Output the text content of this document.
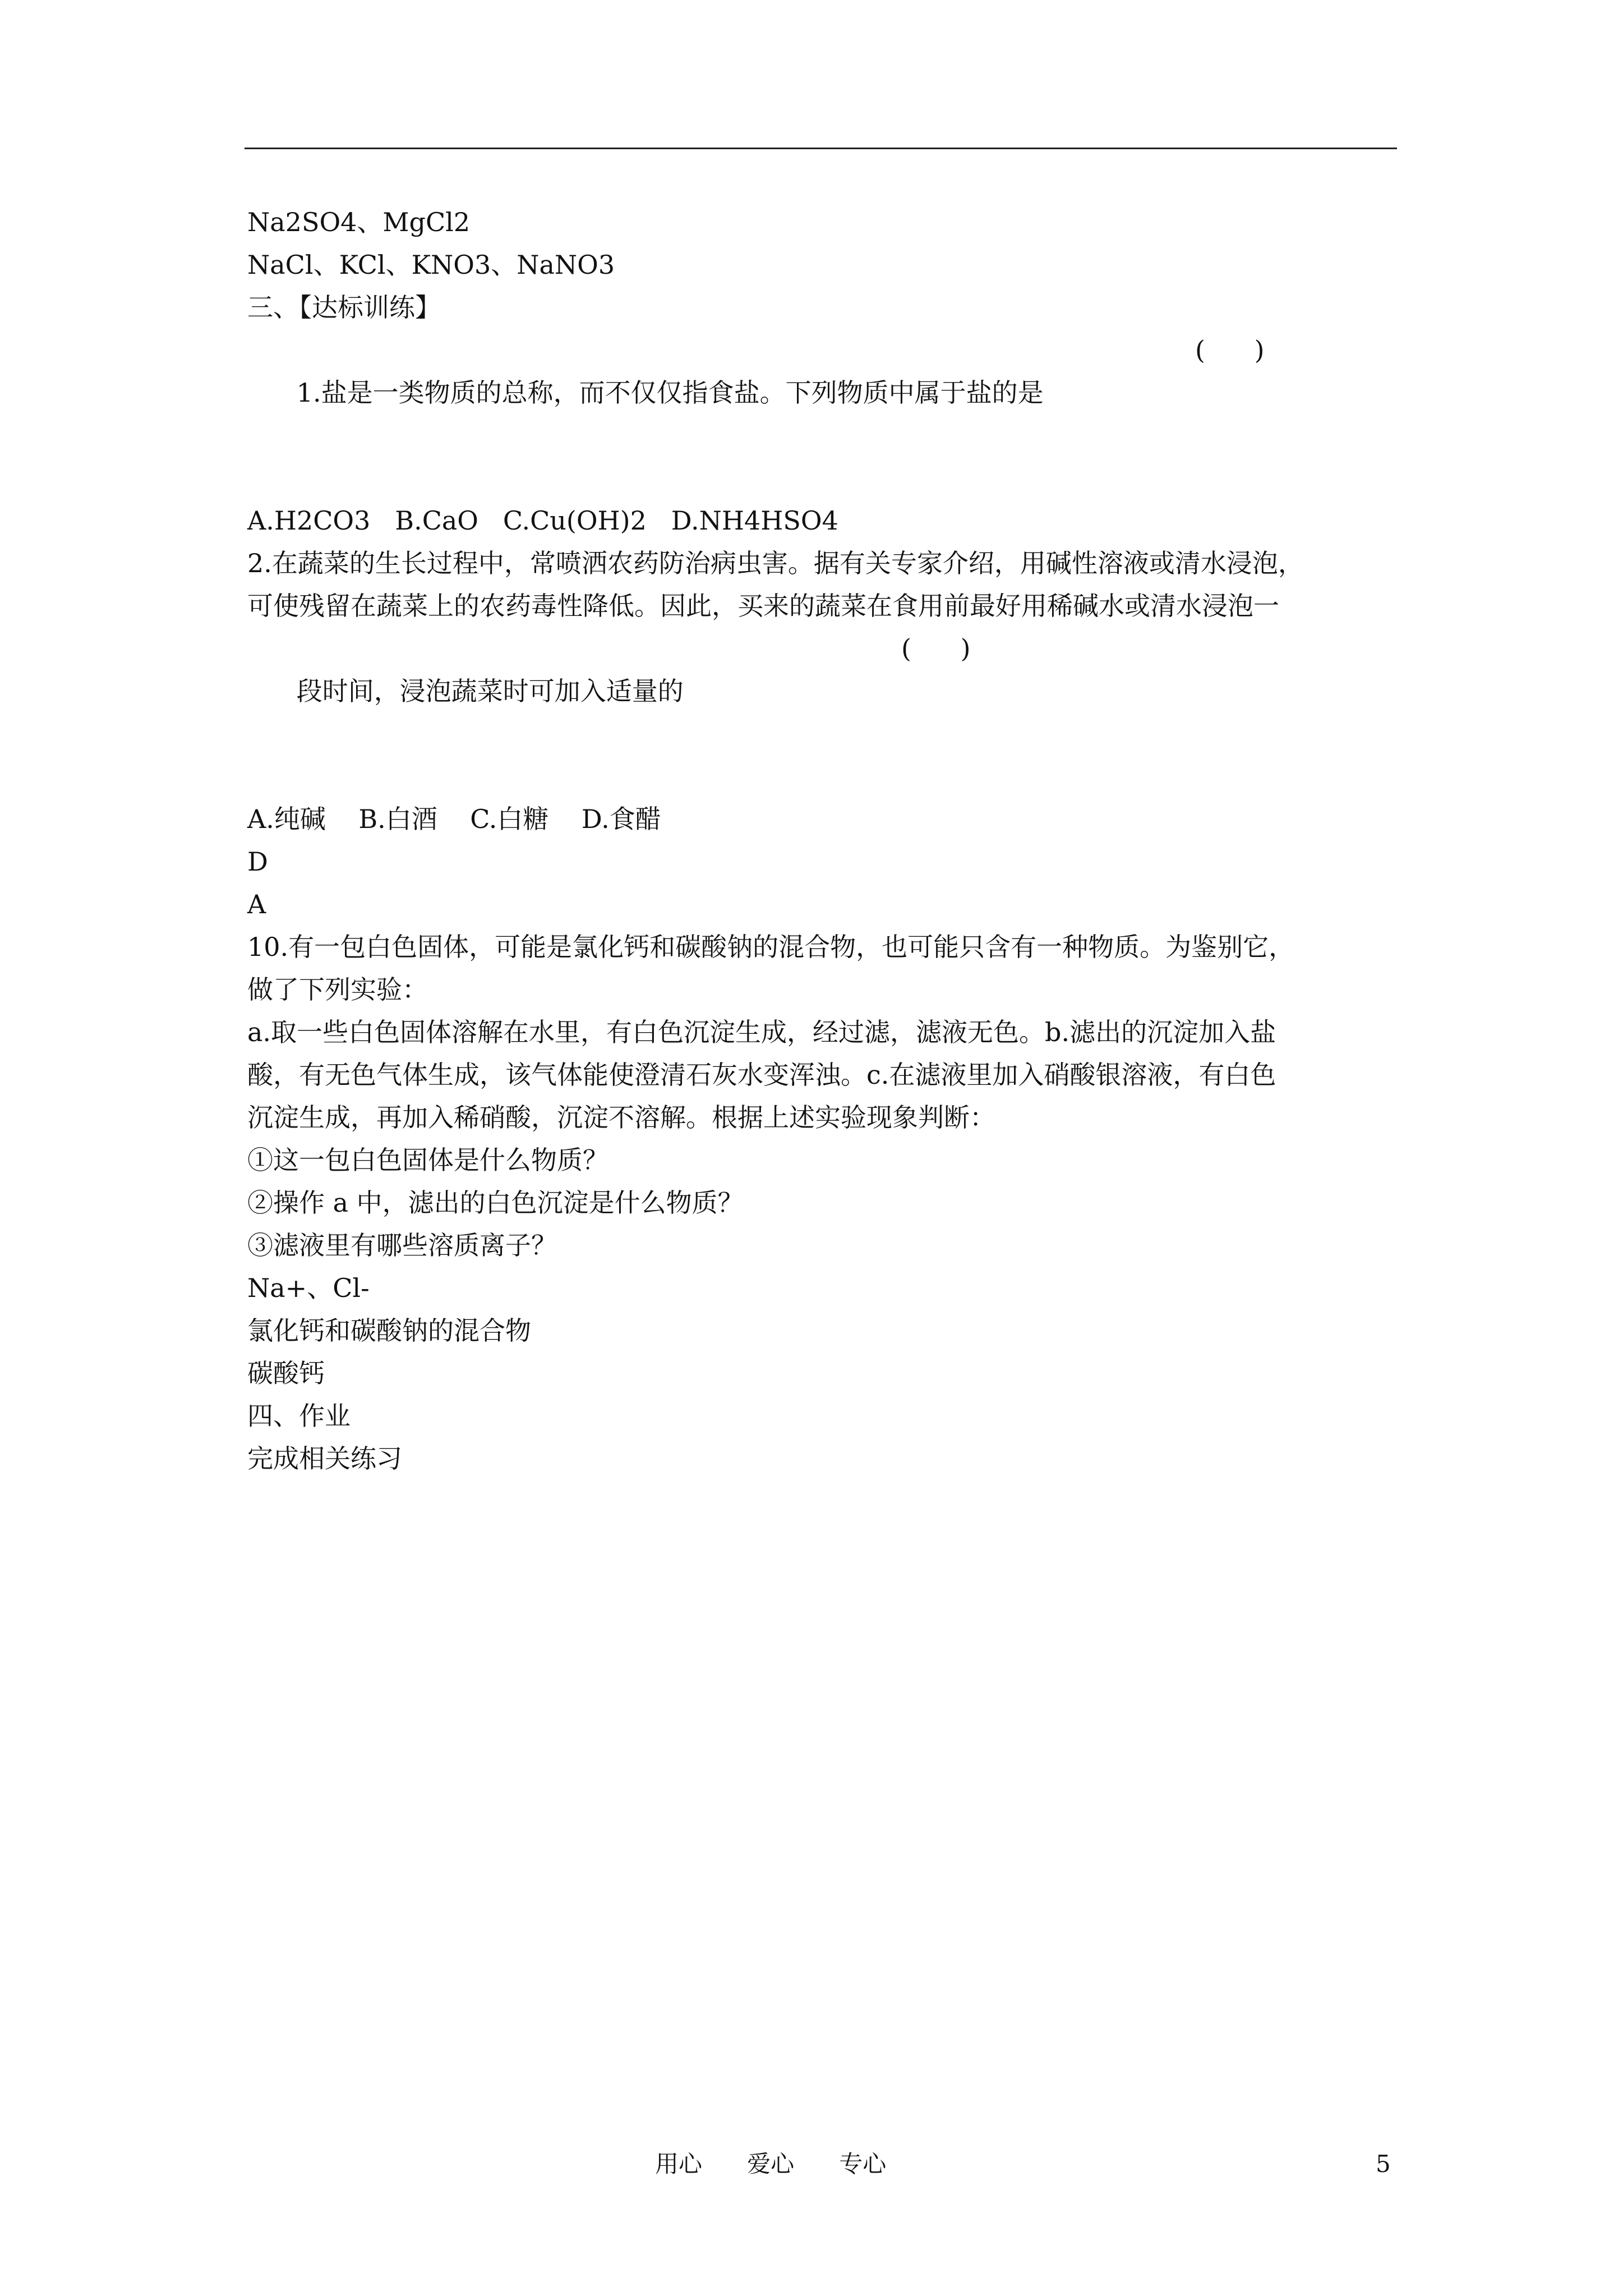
Na2SO4、MgCl2
NaCl、KCl、KNO3、NaNO3
三、【达标训练】

1.盐是一类物质的总称，而不仅仅指食盐。下列物质中属于盐的是

(      )

A.H2CO3   B.CaO   C.Cu(OH)2   D.NH4HSO4
2.在蔬菜的生长过程中，常喷洒农药防治病虫害。据有关专家介绍，用碱性溶液或清水浸泡，
可使残留在蔬菜上的农药毒性降低。因此，买来的蔬菜在食用前最好用稀碱水或清水浸泡一

段时间，浸泡蔬菜时可加入适量的

(      )

A.纯碱    B.白酒    C.白糖    D.食醋
D
A
10.有一包白色固体，可能是氯化钙和碳酸钠的混合物，也可能只含有一种物质。为鉴别它，
做了下列实验：
a.取一些白色固体溶解在水里，有白色沉淀生成，经过滤，滤液无色。b.滤出的沉淀加入盐
酸，有无色气体生成，该气体能使澄清石灰水变浑浊。c.在滤液里加入硝酸银溶液，有白色
沉淀生成，再加入稀硝酸，沉淀不溶解。根据上述实验现象判断：
①这一包白色固体是什么物质？
②操作 a 中，滤出的白色沉淀是什么物质？
③滤液里有哪些溶质离子？
Na+、Cl-
氯化钙和碳酸钠的混合物
碳酸钙
四、作业
完成相关练习
用心      爱心      专心	5
